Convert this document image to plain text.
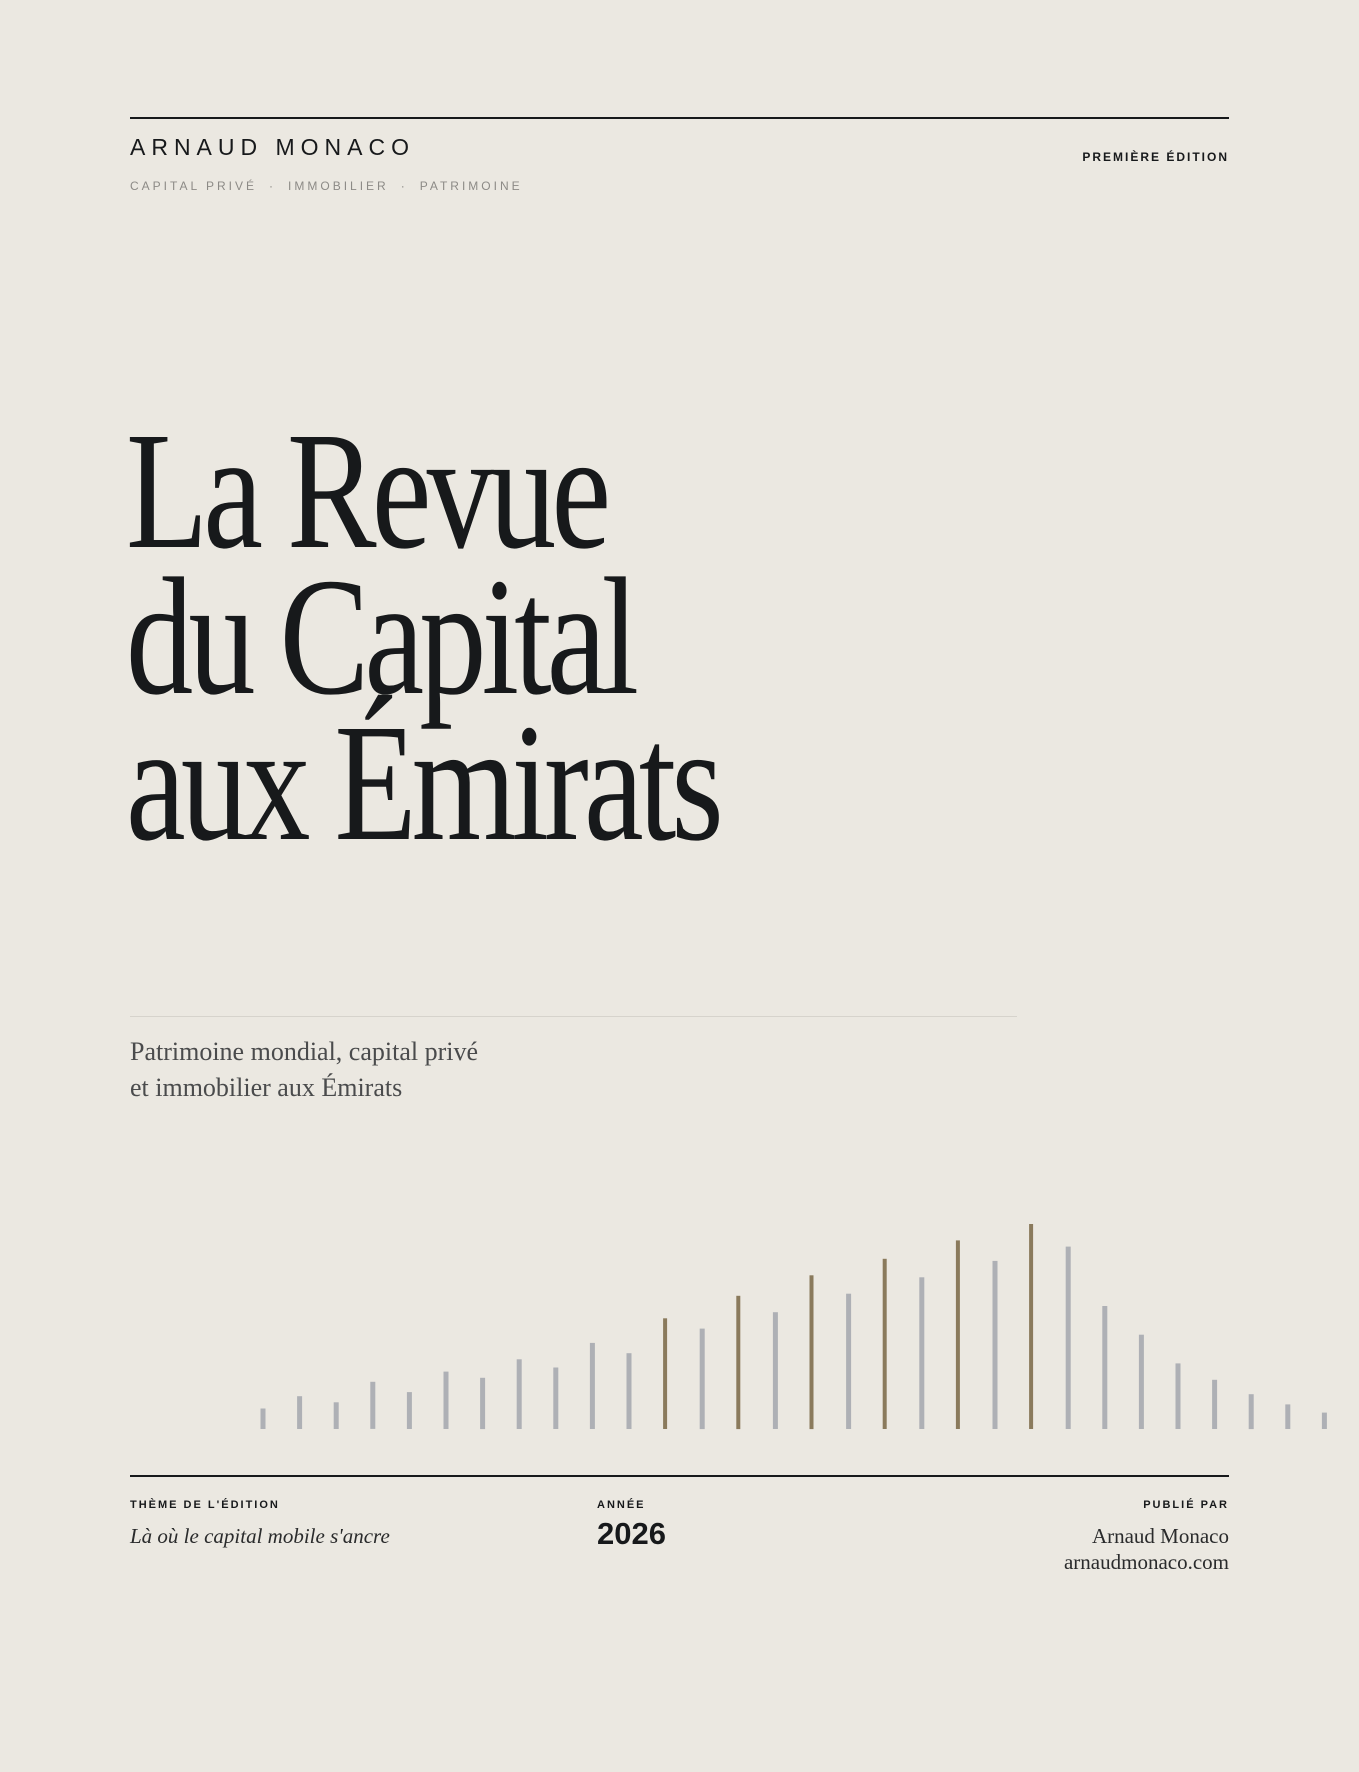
ARNAUD MONACO
CAPITAL PRIVÉ · IMMOBILIER · PATRIMOINE
PREMIÈRE ÉDITION
La Revue
du Capital
aux Émirats
Patrimoine mondial, capital privé
et immobilier aux Émirats
THÈME DE L'ÉDITION
Là où le capital mobile s'ancre
ANNÉE
2026
PUBLIÉ PAR
Arnaud Monaco
arnaudmonaco.com
